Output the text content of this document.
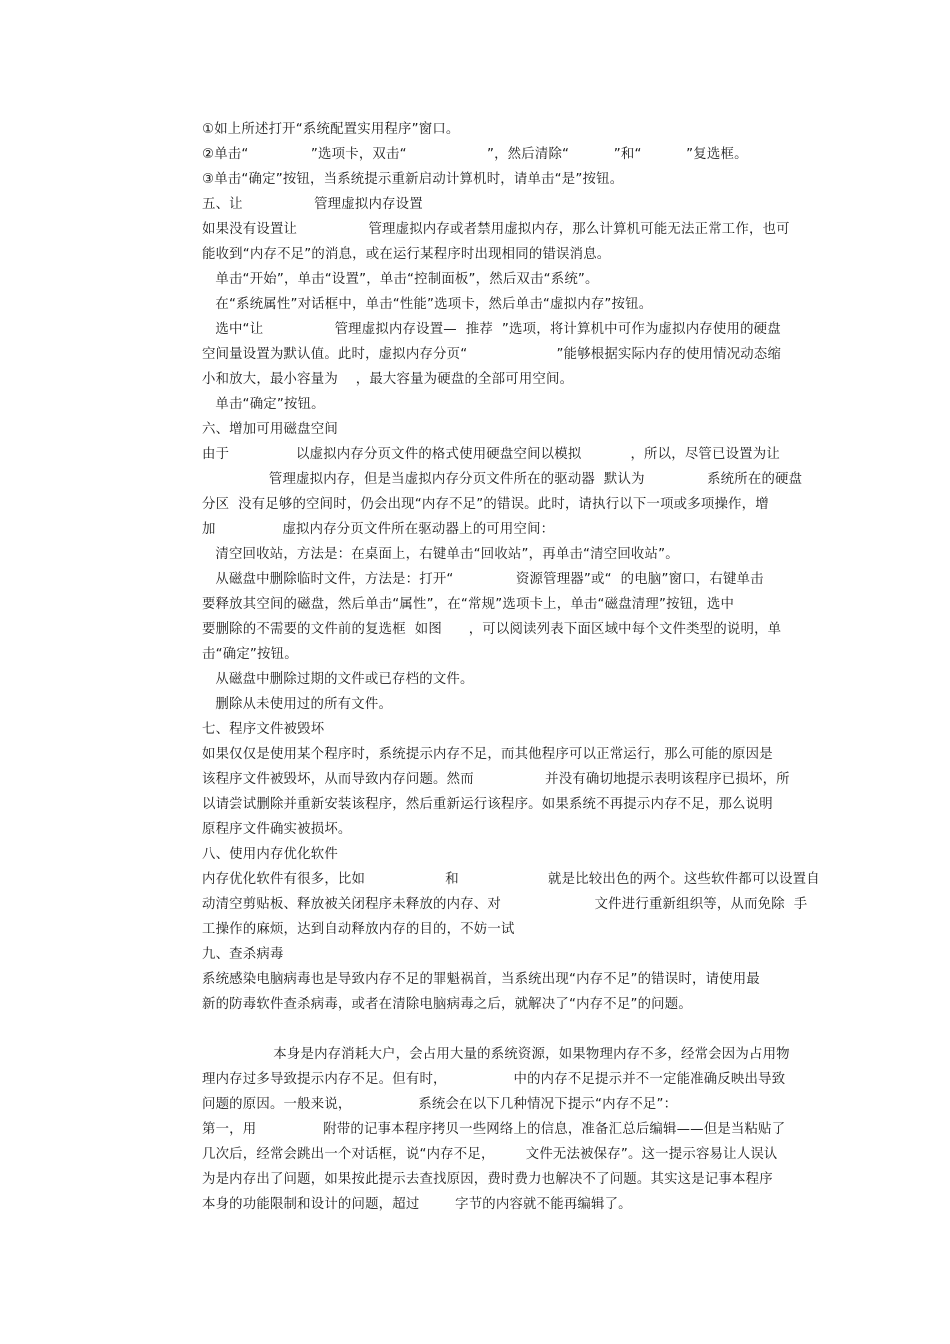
①如上所述打开“系统配置实用程序”窗口。
②单击“              ”选项卡，双击“                  ”，然后清除“          ”和“          ”复选框。
③单击“确定”按钮，当系统提示重新启动计算机时，请单击“是”按钮。
五、让                管理虚拟内存设置
如果没有设置让                管理虚拟内存或者禁用虚拟内存，那么计算机可能无法正常工作，也可
能收到“内存不足”的消息，或在运行某程序时出现相同的错误消息。
单击“开始”，单击“设置”，单击“控制面板”，然后双击“系统”。
在“系统属性”对话框中，单击“性能”选项卡，然后单击“虚拟内存”按钮。
选中“让                管理虚拟内存设置—  推荐  ”选项，将计算机中可作为虚拟内存使用的硬盘
空间量设置为默认值。此时，虚拟内存分页“                    ”能够根据实际内存的使用情况动态缩
小和放大，最小容量为    ，最大容量为硬盘的全部可用空间。
单击“确定”按钮。
六、增加可用磁盘空间
由于               以虚拟内存分页文件的格式使用硬盘空间以模拟           ，所以，尽管已设置为让
管理虚拟内存，但是当虚拟内存分页文件所在的驱动器  默认为              系统所在的硬盘
分区  没有足够的空间时，仍会出现“内存不足”的错误。此时，请执行以下一项或多项操作，增
加               虚拟内存分页文件所在驱动器上的可用空间：
清空回收站，方法是：在桌面上，右键单击“回收站”，再单击“清空回收站”。
从磁盘中删除临时文件，方法是：打开“              资源管理器”或“  的电脑”窗口，右键单击
要释放其空间的磁盘，然后单击“属性”，在“常规”选项卡上，单击“磁盘清理”按钮，选中
要删除的不需要的文件前的复选框  如图      ，可以阅读列表下面区域中每个文件类型的说明，单
击“确定”按钮。
从磁盘中删除过期的文件或已存档的文件。
删除从未使用过的所有文件。
七、程序文件被毁坏
如果仅仅是使用某个程序时，系统提示内存不足，而其他程序可以正常运行，那么可能的原因是
该程序文件被毁坏，从而导致内存问题。然而                并没有确切地提示表明该程序已损坏，所
以请尝试删除并重新安装该程序，然后重新运行该程序。如果系统不再提示内存不足，那么说明
原程序文件确实被损坏。
八、使用内存优化软件
内存优化软件有很多，比如                  和                    就是比较出色的两个。这些软件都可以设置自
动清空剪贴板、释放被关闭程序未释放的内存、对                     文件进行重新组织等，从而免除  手
工操作的麻烦，达到自动释放内存的目的，不妨一试
九、查杀病毒
系统感染电脑病毒也是导致内存不足的罪魁祸首，当系统出现“内存不足”的错误时，请使用最
新的防毒软件查杀病毒，或者在清除电脑病毒之后，就解决了“内存不足”的问题。
本身是内存消耗大户，会占用大量的系统资源，如果物理内存不多，经常会因为占用物
理内存过多导致提示内存不足。但有时，               中的内存不足提示并不一定能准确反映出导致
问题的原因。一般来说，               系统会在以下几种情况下提示“内存不足”：
第一，用               附带的记事本程序拷贝一些网络上的信息，准备汇总后编辑——但是当粘贴了
几次后，经常会跳出一个对话框，说“内存不足，       文件无法被保存”。这一提示容易让人误认
为是内存出了问题，如果按此提示去查找原因，费时费力也解决不了问题。其实这是记事本程序
本身的功能限制和设计的问题，超过        字节的内容就不能再编辑了。
